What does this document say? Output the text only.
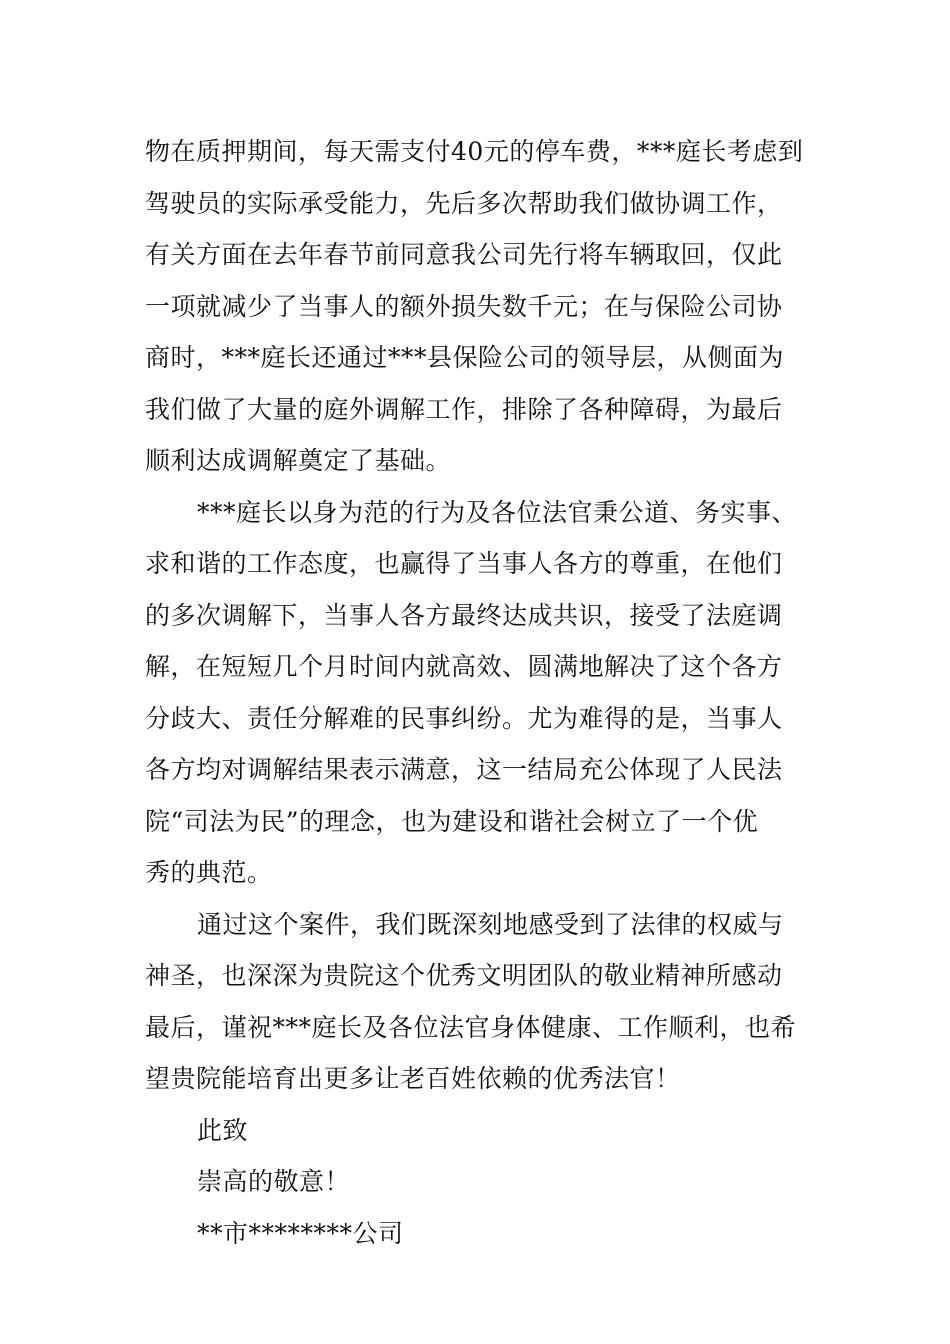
物在质押期间，每天需支付40元的停车费，***庭长考虑到
驾驶员的实际承受能力，先后多次帮助我们做协调工作，
有关方面在去年春节前同意我公司先行将车辆取回，仅此
一项就减少了当事人的额外损失数千元；在与保险公司协
商时，***庭长还通过***县保险公司的领导层，从侧面为
我们做了大量的庭外调解工作，排除了各种障碍，为最后
顺利达成调解奠定了基础。
***庭长以身为范的行为及各位法官秉公道、务实事、
求和谐的工作态度，也赢得了当事人各方的尊重，在他们
的多次调解下，当事人各方最终达成共识，接受了法庭调
解，在短短几个月时间内就高效、圆满地解决了这个各方
分歧大、责任分解难的民事纠纷。尤为难得的是，当事人
各方均对调解结果表示满意，这一结局充公体现了人民法
院“司法为民”的理念，也为建设和谐社会树立了一个优
秀的典范。
通过这个案件，我们既深刻地感受到了法律的权威与
神圣，也深深为贵院这个优秀文明团队的敬业精神所感动
最后，谨祝***庭长及各位法官身体健康、工作顺利，也希
望贵院能培育出更多让老百姓依赖的优秀法官！
此致
崇高的敬意！
**市********公司
